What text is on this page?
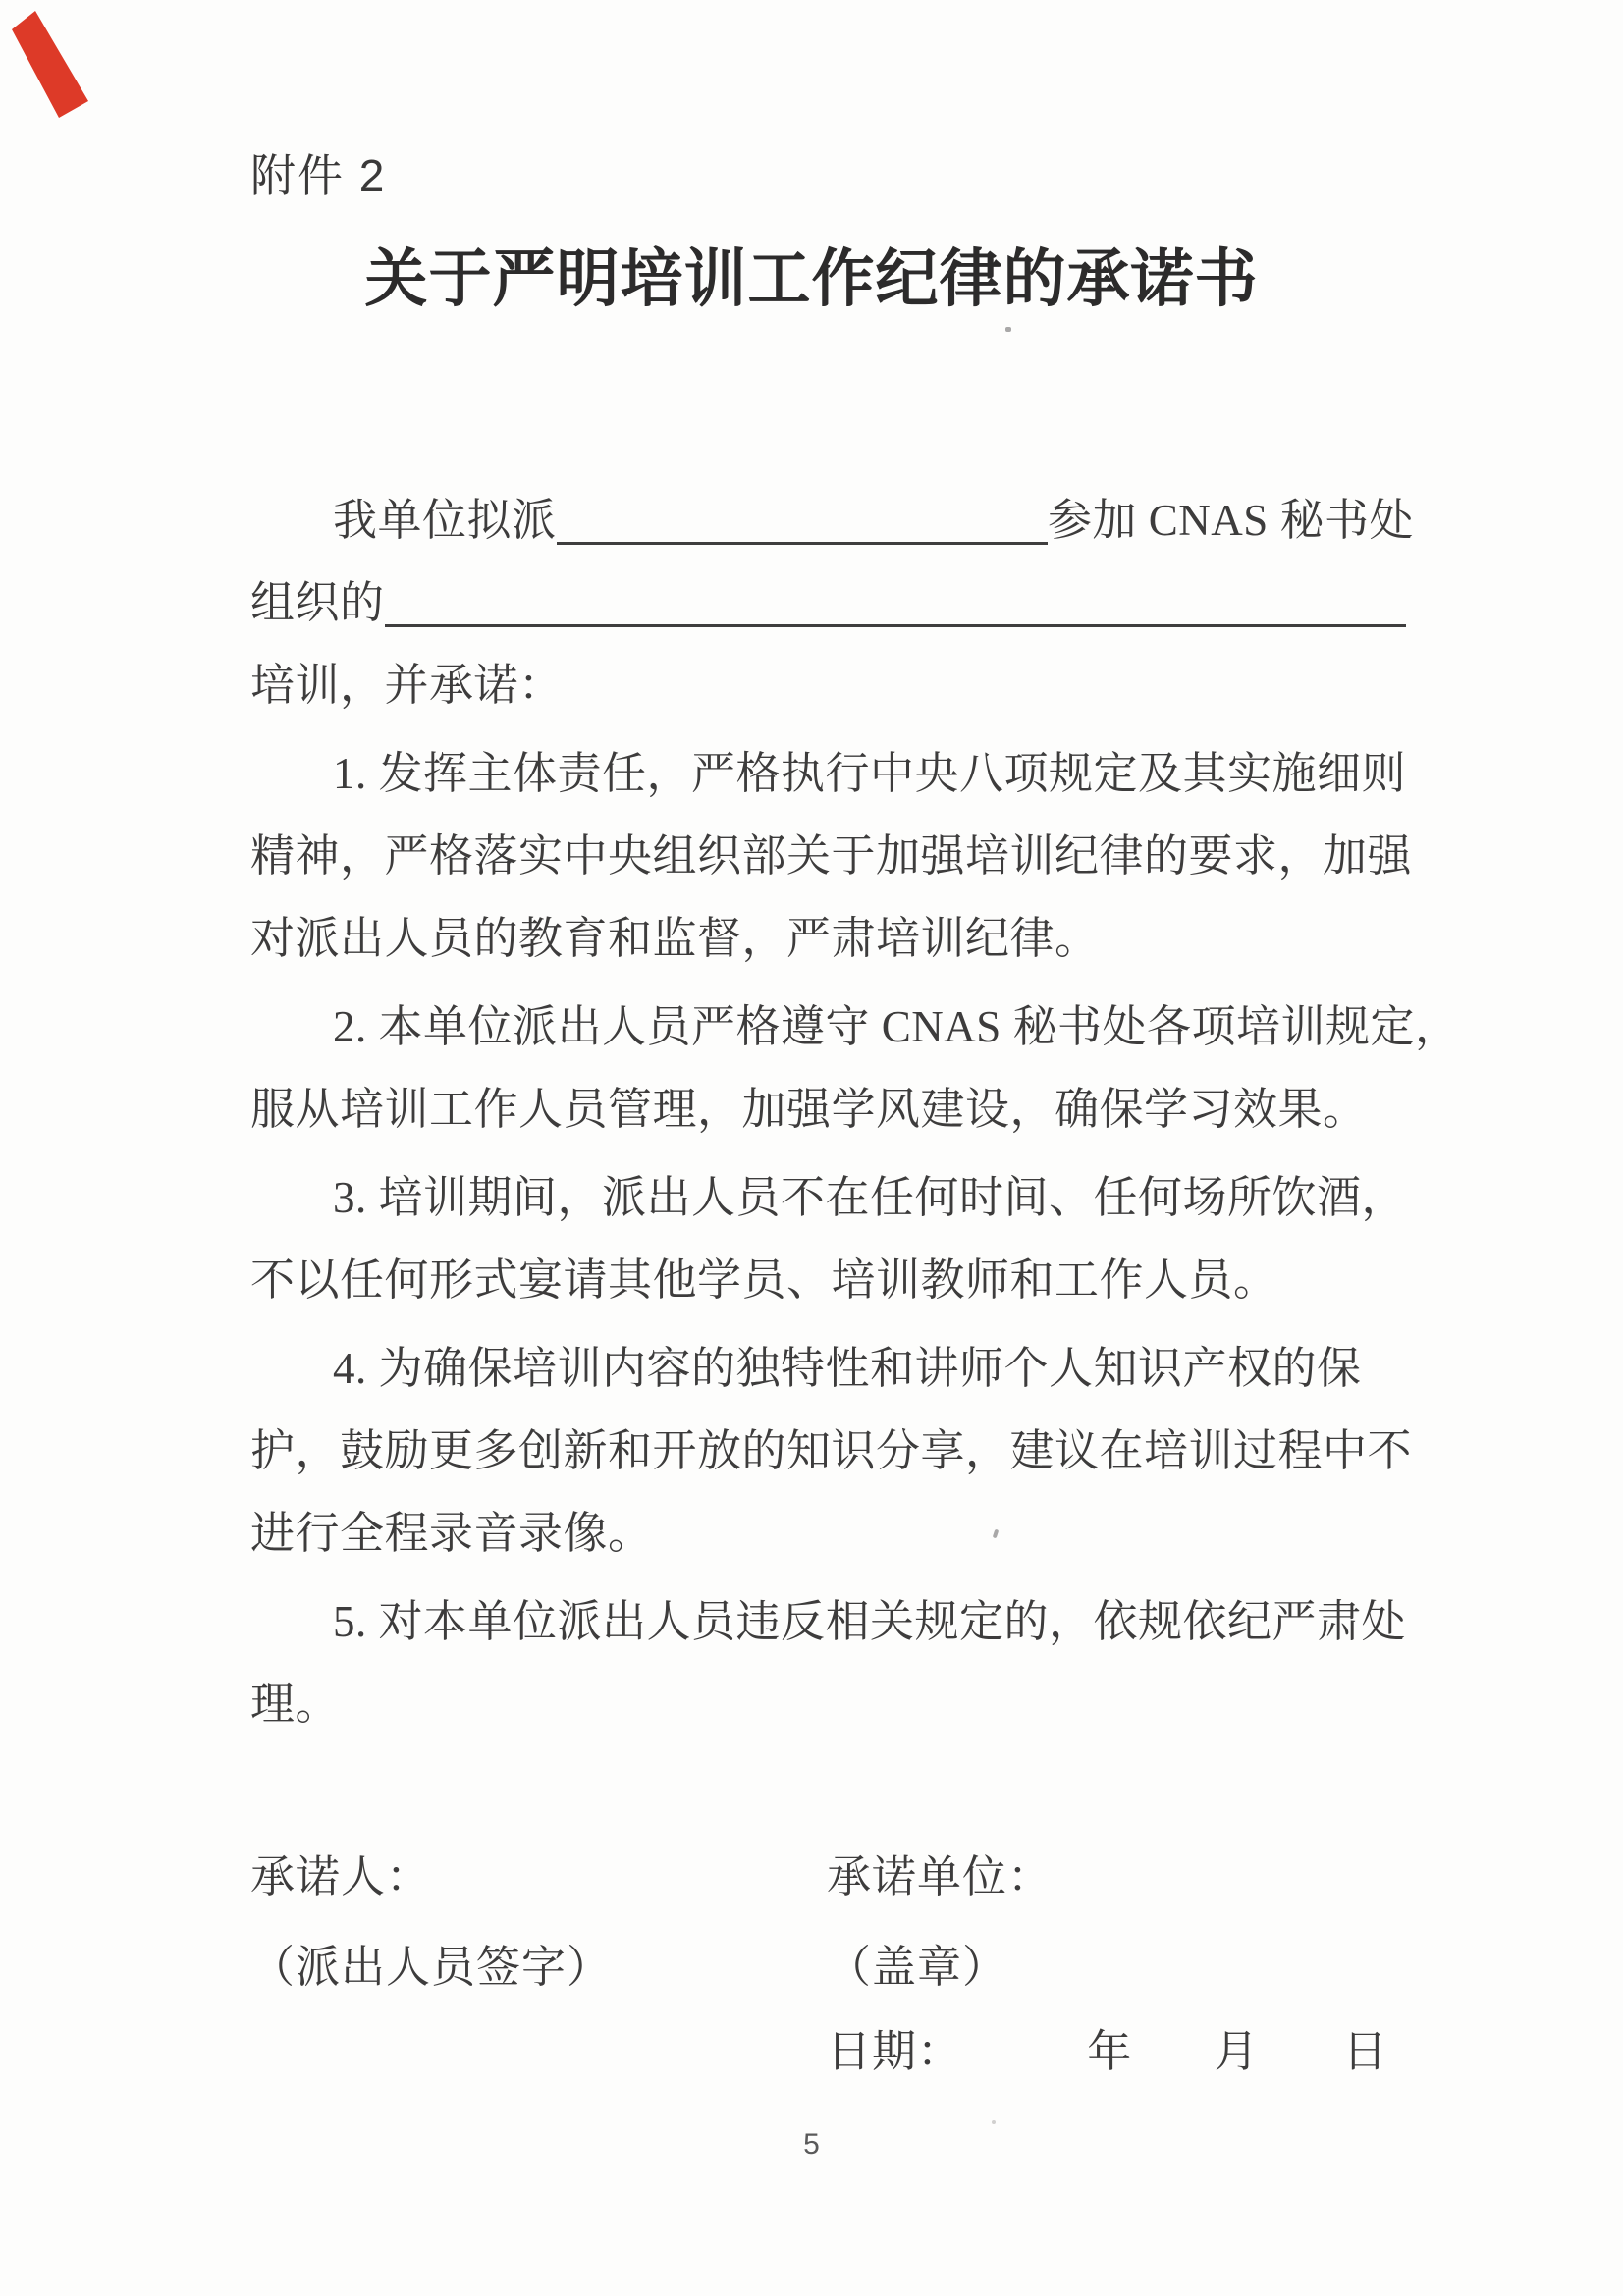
附件 2
关于严明培训工作纪律的承诺书
我单位拟派	参加 CNAS 秘书处
组织的
培训，并承诺：
1. 发挥主体责任，严格执行中央八项规定及其实施细则
精神，严格落实中央组织部关于加强培训纪律的要求，加强
对派出人员的教育和监督，严肃培训纪律。
2. 本单位派出人员严格遵守 CNAS 秘书处各项培训规定，
服从培训工作人员管理，加强学风建设，确保学习效果。
3. 培训期间，派出人员不在任何时间、任何场所饮酒，
不以任何形式宴请其他学员、培训教师和工作人员。
4. 为确保培训内容的独特性和讲师个人知识产权的保
护，鼓励更多创新和开放的知识分享，建议在培训过程中不
进行全程录音录像。
5. 对本单位派出人员违反相关规定的，依规依纪严肃处
理。
承诺人：
（派出人员签字）
承诺单位：
（盖章）
日期：	年 月 日
5
